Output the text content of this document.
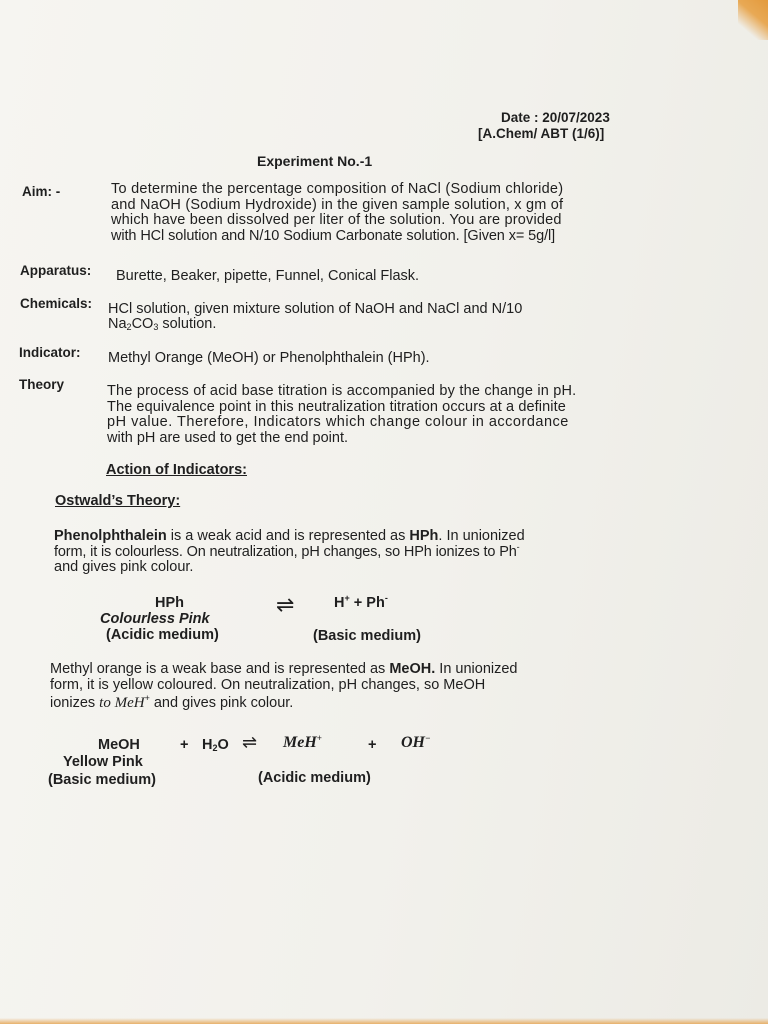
Date : 20/07/2023
[A.Chem/ ABT (1/6)]
Experiment No.-1
Aim: -	To determine the percentage composition of NaCl (Sodium chloride)
and NaOH (Sodium Hydroxide) in the given sample solution, x gm of
which have been dissolved per liter of the solution. You are provided
with HCl solution and N/10 Sodium Carbonate solution. [Given x= 5g/l]
Apparatus: Burette, Beaker, pipette, Funnel, Conical Flask.
Chemicals: HCl solution, given mixture solution of NaOH and NaCl and N/10
$Na_2CO_3$ solution.
Indicator: Methyl Orange (MeOH) or Phenolphthalein (HPh).
Theory	The process of acid base titration is accompanied by the change in pH.
The equivalence point in this neutralization titration occurs at a definite
pH value. Therefore, Indicators which change colour in accordance
with pH are used to get the end point.
Action of Indicators:
Ostwald’s Theory:
Phenolphthalein is a weak acid and is represented as HPh. In unionized
form, it is colourless. On neutralization, pH changes, so HPh ionizes to Ph-
and gives pink colour.
HPh
Colourless Pink
(Acidic medium)
⇌	H+ + Ph-
(Basic medium)
Methyl orange is a weak base and is represented as MeOH. In unionized
form, it is yellow coloured. On neutralization, pH changes, so MeOH
ionizes to MeH+ and gives pink colour.
MeOH	+ $H_2O$ ⇌ MeH+	+ OH−
Yellow Pink
(Basic medium)	(Acidic medium)
